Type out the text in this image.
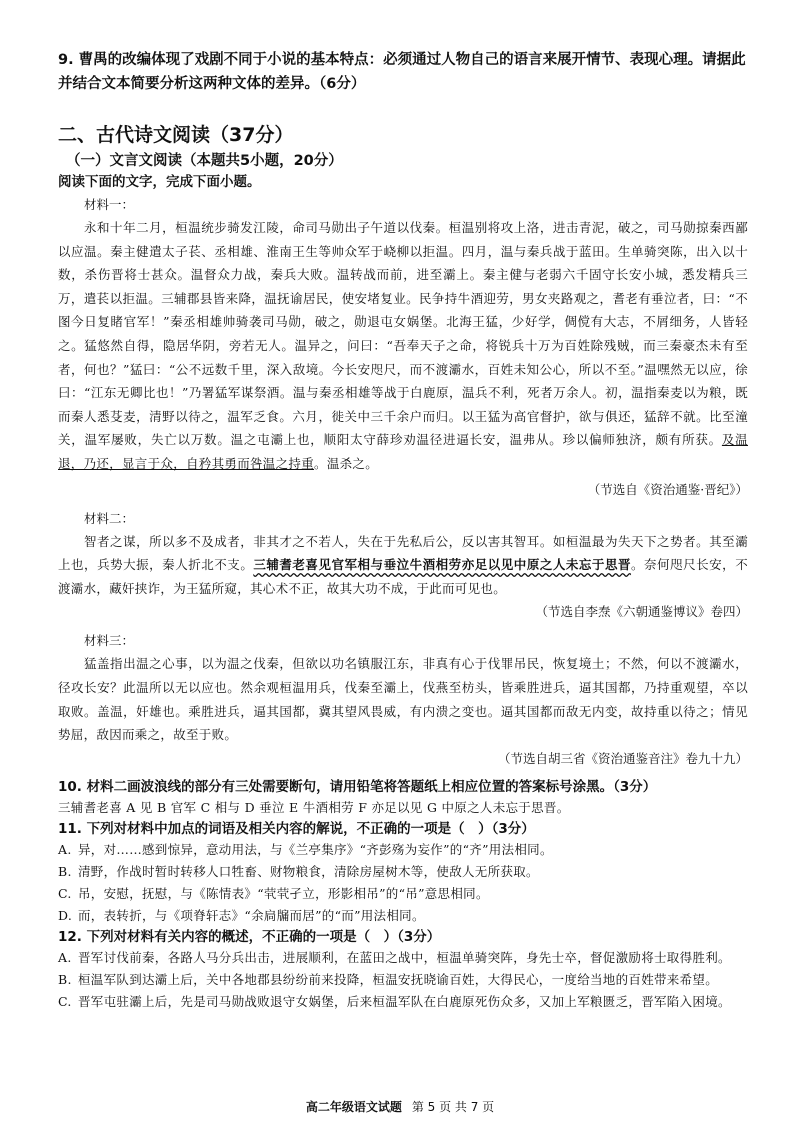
9. 曹禺的改编体现了戏剧不同于小说的基本特点：必须通过人物自己的语言来展开情节、表现心理。请据此并结合文本简要分析这两种文体的差异。（6分）

二、古代诗文阅读（37分）
（一）文言文阅读（本题共5小题，20分）
阅读下面的文字，完成下面小题。
材料一：

永和十年二月，桓温统步骑发江陵，命司马勋出子午道以伐秦。桓温别将攻上洛，进击青泥，破之，司马勋掠秦西鄙以应温。秦主健遣太子苌、丞相雄、淮南王生等帅众军于峣柳以拒温。四月，温与秦兵战于蓝田。生单骑突陈，出入以十数，杀伤晋将士甚众。温督众力战，秦兵大败。温转战而前，进至灞上。秦主健与老弱六千固守长安小城，悉发精兵三万，遣苌以拒温。三辅郡县皆来降，温抚谕居民，使安堵复业。民争持牛酒迎劳，男女夹路观之，耆老有垂泣者，曰：“不图今日复睹官军！”秦丞相雄帅骑袭司马勋，破之，勋退屯女娲堡。北海王猛，少好学，倜傥有大志，不屑细务，人皆轻之。猛悠然自得，隐居华阴，旁若无人。温异之，问曰：“吾奉天子之命，将锐兵十万为百姓除残贼，而三秦豪杰未有至者，何也？”猛曰：“公不远数千里，深入敌境。今长安咫尺，而不渡灞水，百姓未知公心，所以不至。”温嘿然无以应，徐曰：“江东无卿比也！”乃署猛军谋祭酒。温与秦丞相雄等战于白鹿原，温兵不利，死者万余人。初，温指秦麦以为粮，既而秦人悉芟麦，清野以待之，温军乏食。六月，徙关中三千余户而归。以王猛为高官督护，欲与俱还，猛辞不就。比至潼关，温军屡败，失亡以万数。温之屯灞上也，顺阳太守薛珍劝温径进逼长安，温弗从。珍以偏师独济，颇有所获。及温退，乃还，显言于众，自矜其勇而咎温之持重。温杀之。

（节选自《资治通鉴·晋纪》）
材料二：

智者之谋，所以多不及成者，非其才之不若人，失在于先私后公，反以害其智耳。如桓温最为失天下之势者。其至灞上也，兵势大振，秦人折北不支。三辅耆老喜见官军相与垂泣牛酒相劳亦足以见中原之人未忘于思晋。奈何咫尺长安，不渡灞水，藏奸挟诈，为王猛所窥，其心术不正，故其大功不成，于此而可见也。

（节选自李焘《六朝通鉴博议》卷四）
材料三：

猛盖指出温之心事，以为温之伐秦，但欲以功名镇服江东，非真有心于伐罪吊民，恢复境土；不然，何以不渡灞水，径攻长安？此温所以无以应也。然余观桓温用兵，伐秦至灞上，伐燕至枋头，皆乘胜进兵，逼其国都，乃持重观望，卒以取败。盖温，奸雄也。乘胜进兵，逼其国都，冀其望风畏威，有内溃之变也。逼其国都而敌无内变，故持重以待之；情见势屈，敌因而乘之，故至于败。

（节选自胡三省《资治通鉴音注》卷九十九）

10. 材料二画波浪线的部分有三处需要断句，请用铅笔将答题纸上相应位置的答案标号涂黑。（3分）

三辅耆老喜 A 见 B 官军 C 相与 D 垂泣 E 牛酒相劳 F 亦足以见 G 中原之人未忘于思晋。

11. 下列对材料中加点的词语及相关内容的解说，不正确的一项是（　）（3分）

A. 异，对……感到惊异，意动用法，与《兰亭集序》“齐彭殇为妄作”的“齐”用法相同。

B. 清野，作战时暂时转移人口牲畜、财物粮食，清除房屋树木等，使敌人无所获取。

C. 吊，安慰，抚慰，与《陈情表》“茕茕孑立，形影相吊”的“吊”意思相同。

D. 而，表转折，与《项脊轩志》“余扃牖而居”的“而”用法相同。

12. 下列对材料有关内容的概述，不正确的一项是（　）（3分）

A. 晋军讨伐前秦，各路人马分兵出击，进展顺利，在蓝田之战中，桓温单骑突阵，身先士卒，督促激励将士取得胜利。

B. 桓温军队到达灞上后，关中各地郡县纷纷前来投降，桓温安抚晓谕百姓，大得民心，一度给当地的百姓带来希望。

C. 晋军屯驻灞上后，先是司马勋战败退守女娲堡，后来桓温军队在白鹿原死伤众多，又加上军粮匮乏，晋军陷入困境。

高二年级语文试题 第 5 页 共 7 页
